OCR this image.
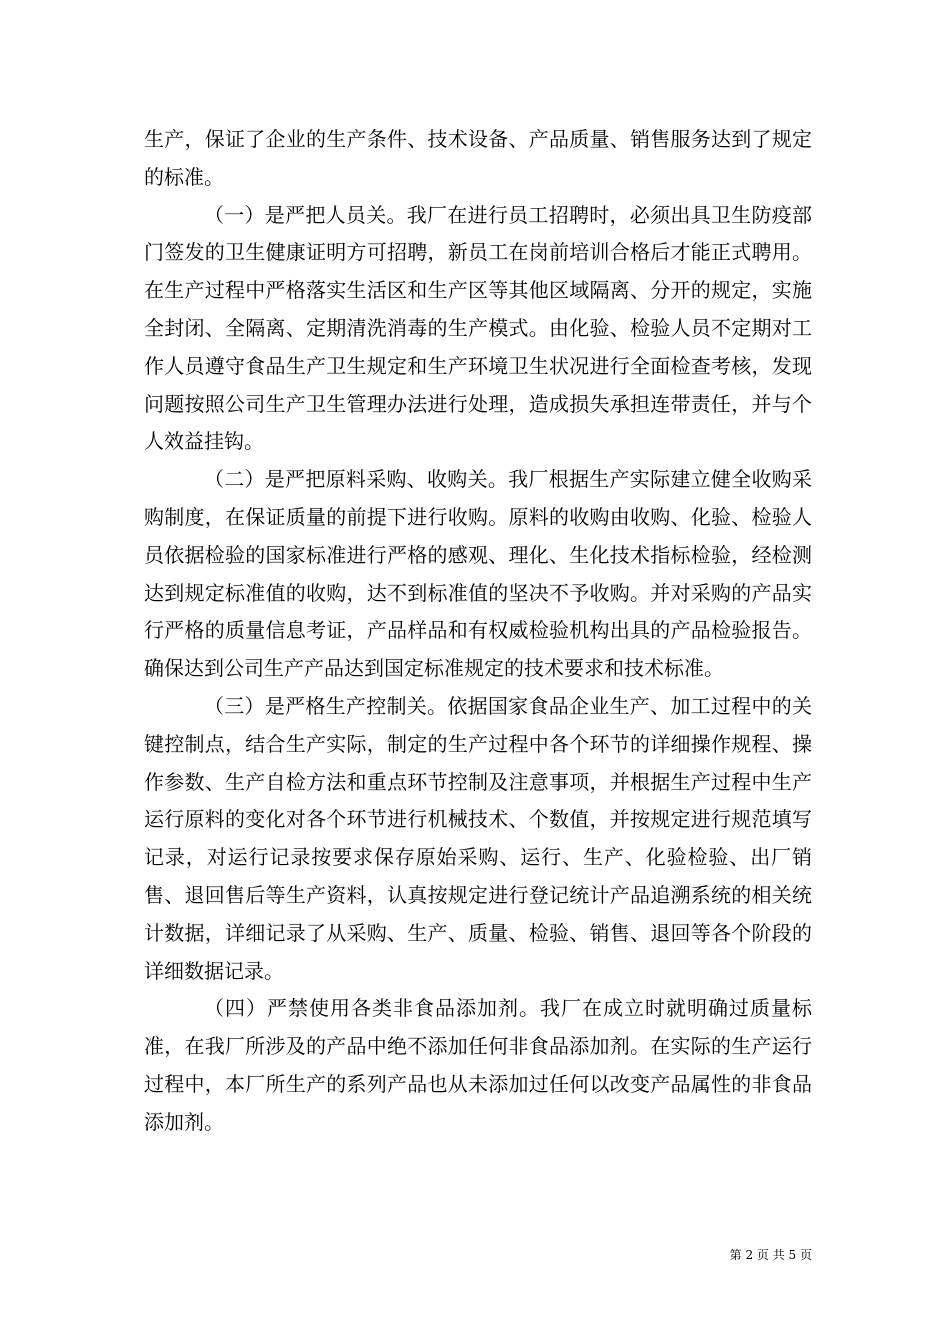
生产，保证了企业的生产条件、技术设备、产品质量、销售服务达到了规定的标准。

（一）是严把人员关。我厂在进行员工招聘时，必须出具卫生防疫部门签发的卫生健康证明方可招聘，新员工在岗前培训合格后才能正式聘用。在生产过程中严格落实生活区和生产区等其他区域隔离、分开的规定，实施全封闭、全隔离、定期清洗消毒的生产模式。由化验、检验人员不定期对工作人员遵守食品生产卫生规定和生产环境卫生状况进行全面检查考核，发现问题按照公司生产卫生管理办法进行处理，造成损失承担连带责任，并与个人效益挂钩。

（二）是严把原料采购、收购关。我厂根据生产实际建立健全收购采购制度，在保证质量的前提下进行收购。原料的收购由收购、化验、检验人员依据检验的国家标准进行严格的感观、理化、生化技术指标检验，经检测达到规定标准值的收购，达不到标准值的坚决不予收购。并对采购的产品实行严格的质量信息考证，产品样品和有权威检验机构出具的产品检验报告。确保达到公司生产产品达到国定标准规定的技术要求和技术标准。

（三）是严格生产控制关。依据国家食品企业生产、加工过程中的关键控制点，结合生产实际，制定的生产过程中各个环节的详细操作规程、操作参数、生产自检方法和重点环节控制及注意事项，并根据生产过程中生产运行原料的变化对各个环节进行机械技术、个数值，并按规定进行规范填写记录，对运行记录按要求保存原始采购、运行、生产、化验检验、出厂销售、退回售后等生产资料，认真按规定进行登记统计产品追溯系统的相关统计数据，详细记录了从采购、生产、质量、检验、销售、退回等各个阶段的详细数据记录。

（四）严禁使用各类非食品添加剂。我厂在成立时就明确过质量标准，在我厂所涉及的产品中绝不添加任何非食品添加剂。在实际的生产运行过程中，本厂所生产的系列产品也从未添加过任何以改变产品属性的非食品添加剂。

第 2 页 共 5 页
